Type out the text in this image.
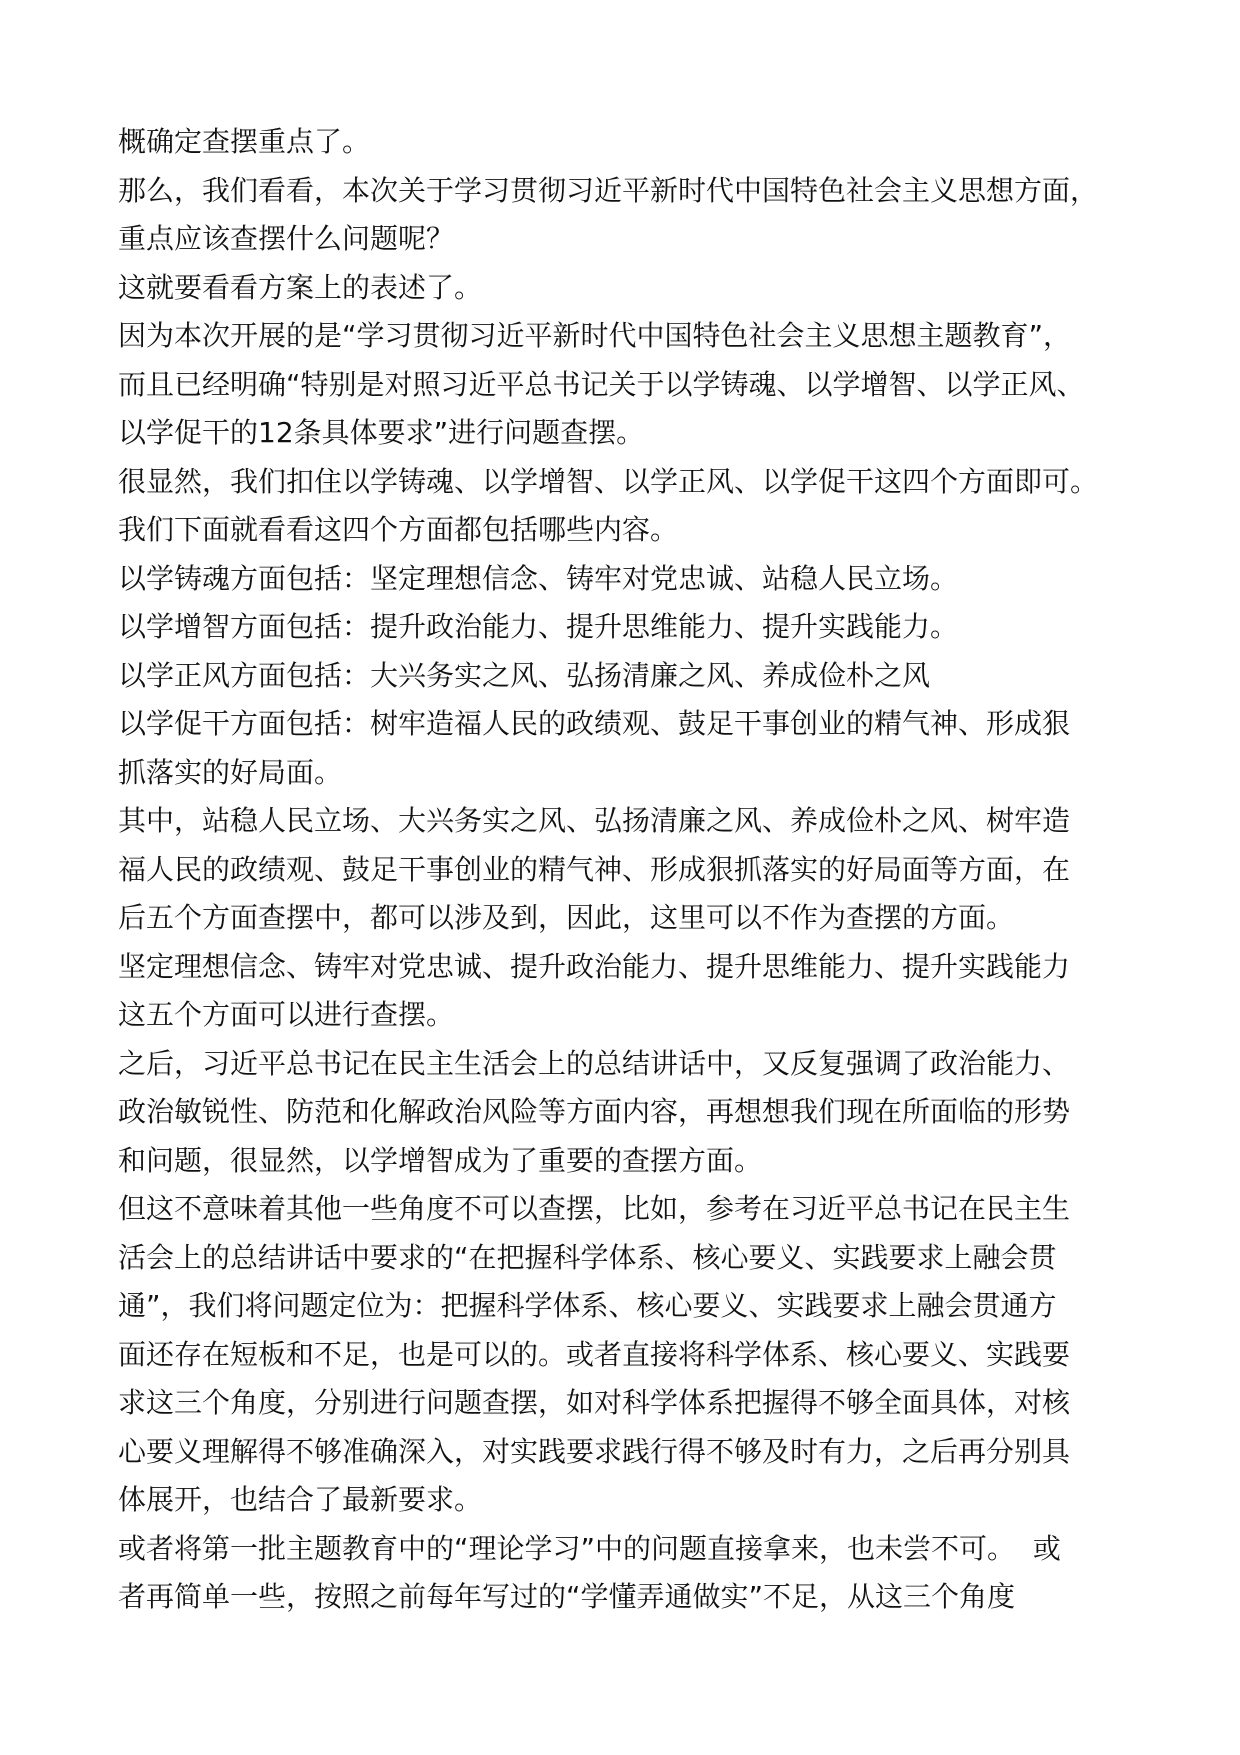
概确定查摆重点了。

那么，我们看看，本次关于学习贯彻习近平新时代中国特色社会主义思想方面，

重点应该查摆什么问题呢？

这就要看看方案上的表述了。

因为本次开展的是“学习贯彻习近平新时代中国特色社会主义思想主题教育”，

而且已经明确“特别是对照习近平总书记关于以学铸魂、以学增智、以学正风、

以学促干的12条具体要求”进行问题查摆。

很显然，我们扣住以学铸魂、以学增智、以学正风、以学促干这四个方面即可。

我们下面就看看这四个方面都包括哪些内容。

以学铸魂方面包括：坚定理想信念、铸牢对党忠诚、站稳人民立场。

以学增智方面包括：提升政治能力、提升思维能力、提升实践能力。

以学正风方面包括：大兴务实之风、弘扬清廉之风、养成俭朴之风

以学促干方面包括：树牢造福人民的政绩观、鼓足干事创业的精气神、形成狠

抓落实的好局面。

其中，站稳人民立场、大兴务实之风、弘扬清廉之风、养成俭朴之风、树牢造

福人民的政绩观、鼓足干事创业的精气神、形成狠抓落实的好局面等方面，在

后五个方面查摆中，都可以涉及到，因此，这里可以不作为查摆的方面。

坚定理想信念、铸牢对党忠诚、提升政治能力、提升思维能力、提升实践能力

这五个方面可以进行查摆。

之后，习近平总书记在民主生活会上的总结讲话中，又反复强调了政治能力、

政治敏锐性、防范和化解政治风险等方面内容，再想想我们现在所面临的形势

和问题，很显然，以学增智成为了重要的查摆方面。

但这不意味着其他一些角度不可以查摆，比如，参考在习近平总书记在民主生

活会上的总结讲话中要求的“在把握科学体系、核心要义、实践要求上融会贯

通”，我们将问题定位为：把握科学体系、核心要义、实践要求上融会贯通方

面还存在短板和不足，也是可以的。或者直接将科学体系、核心要义、实践要

求这三个角度，分别进行问题查摆，如对科学体系把握得不够全面具体，对核

心要义理解得不够准确深入，对实践要求践行得不够及时有力，之后再分别具

体展开，也结合了最新要求。

或者将第一批主题教育中的“理论学习”中的问题直接拿来，也未尝不可。  或

者再简单一些，按照之前每年写过的“学懂弄通做实”不足，从这三个角度
